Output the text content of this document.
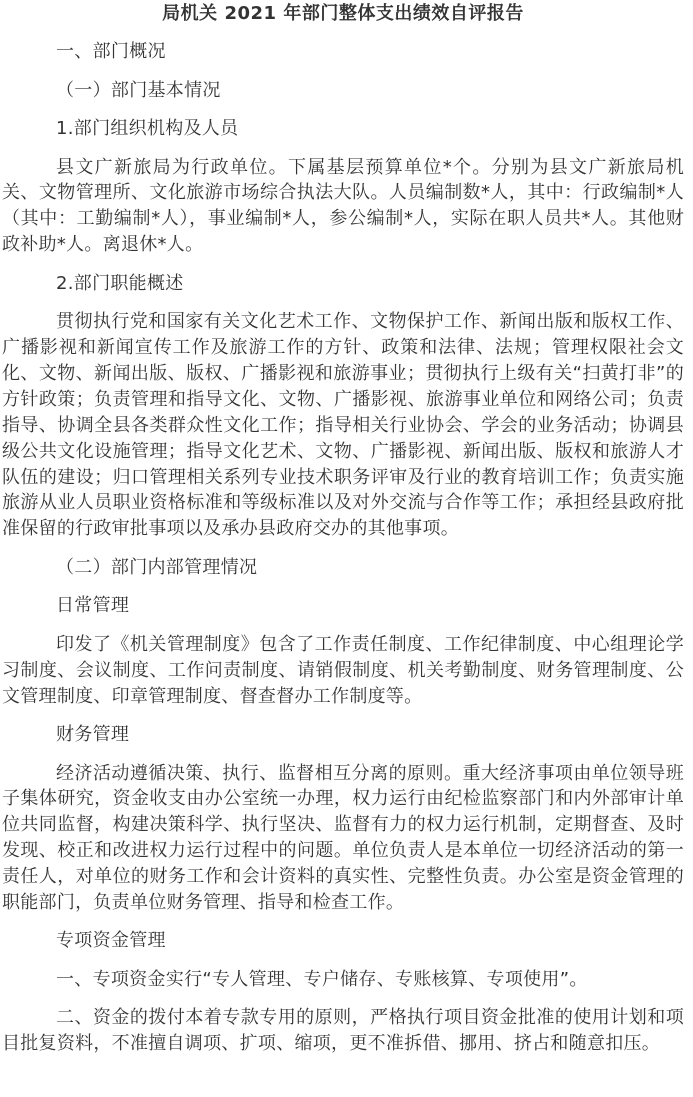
局机关 2021 年部门整体支出绩效自评报告

一、部门概况

（一）部门基本情况

1.部门组织机构及人员

县文广新旅局为行政单位。下属基层预算单位*个。分别为县文广新旅局机关、文物管理所、文化旅游市场综合执法大队。人员编制数*人，其中：行政编制*人（其中：工勤编制*人），事业编制*人，参公编制*人，实际在职人员共*人。其他财政补助*人。离退休*人。

2.部门职能概述

贯彻执行党和国家有关文化艺术工作、文物保护工作、新闻出版和版权工作、广播影视和新闻宣传工作及旅游工作的方针、政策和法律、法规；管理权限社会文化、文物、新闻出版、版权、广播影视和旅游事业；贯彻执行上级有关“扫黄打非”的方针政策；负责管理和指导文化、文物、广播影视、旅游事业单位和网络公司；负责指导、协调全县各类群众性文化工作；指导相关行业协会、学会的业务活动；协调县级公共文化设施管理；指导文化艺术、文物、广播影视、新闻出版、版权和旅游人才队伍的建设；归口管理相关系列专业技术职务评审及行业的教育培训工作；负责实施旅游从业人员职业资格标准和等级标准以及对外交流与合作等工作；承担经县政府批准保留的行政审批事项以及承办县政府交办的其他事项。

（二）部门内部管理情况

日常管理

印发了《机关管理制度》包含了工作责任制度、工作纪律制度、中心组理论学习制度、会议制度、工作问责制度、请销假制度、机关考勤制度、财务管理制度、公文管理制度、印章管理制度、督查督办工作制度等。

财务管理

经济活动遵循决策、执行、监督相互分离的原则。重大经济事项由单位领导班子集体研究，资金收支由办公室统一办理，权力运行由纪检监察部门和内外部审计单位共同监督，构建决策科学、执行坚决、监督有力的权力运行机制，定期督查、及时发现、校正和改进权力运行过程中的问题。单位负责人是本单位一切经济活动的第一责任人，对单位的财务工作和会计资料的真实性、完整性负责。办公室是资金管理的职能部门，负责单位财务管理、指导和检查工作。

专项资金管理

一、专项资金实行“专人管理、专户储存、专账核算、专项使用”。

二、资金的拨付本着专款专用的原则，严格执行项目资金批准的使用计划和项目批复资料，不准擅自调项、扩项、缩项，更不准拆借、挪用、挤占和随意扣压。
